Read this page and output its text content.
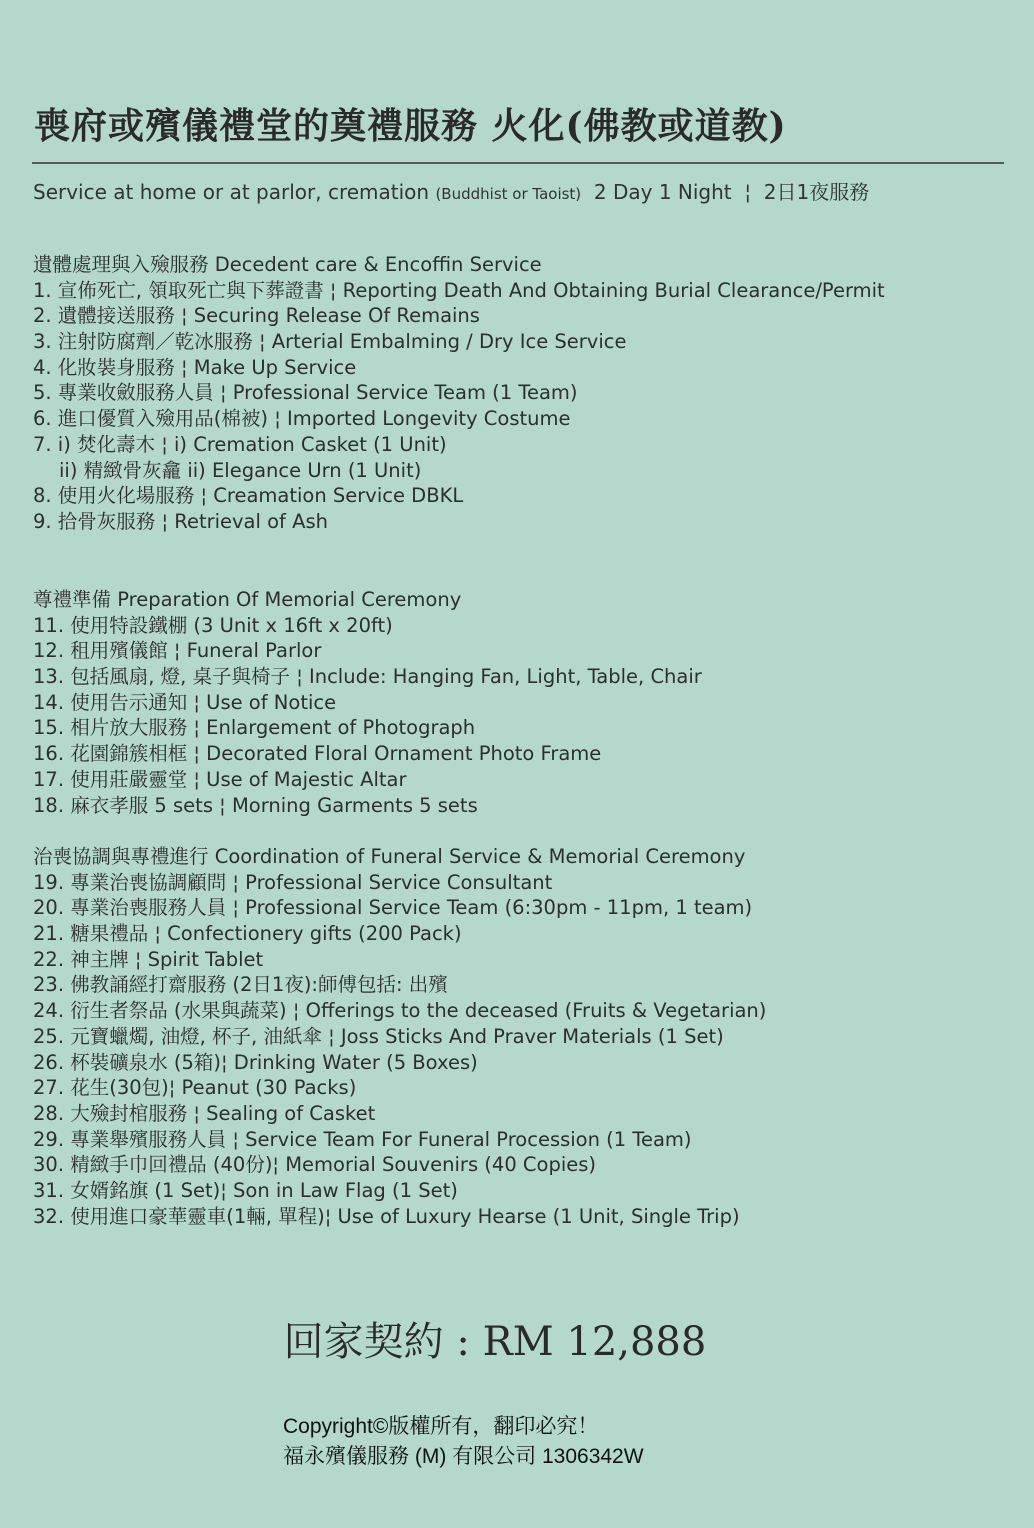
喪府或殯儀禮堂的奠禮服務 火化(佛教或道教)
Service at home or at parlor, cremation (Buddhist or Taoist)  2 Day 1 Night  ¦  2日1夜服務
遺體處理與入殮服務 Decedent care & Encoffin Service
1. 宣佈死亡, 領取死亡與下葬證書 ¦ Reporting Death And Obtaining Burial Clearance/Permit
2. 遺體接送服務 ¦ Securing Release Of Remains
3. 注射防腐劑／乾冰服務 ¦ Arterial Embalming / Dry Ice Service
4. 化妝裝身服務 ¦ Make Up Service
5. 專業收斂服務人員 ¦ Professional Service Team (1 Team)
6. 進口優質入殮用品(棉被) ¦ Imported Longevity Costume
7. i) 焚化壽木 ¦ i) Cremation Casket (1 Unit)
ii) 精緻骨灰龕 ii) Elegance Urn (1 Unit)
8. 使用火化場服務 ¦ Creamation Service DBKL
9. 拾骨灰服務 ¦ Retrieval of Ash
尊禮準備 Preparation Of Memorial Ceremony
11. 使用特設鐵棚 (3 Unit x 16ft x 20ft)
12. 租用殯儀館 ¦ Funeral Parlor
13. 包括風扇, 燈, 桌子與椅子 ¦ Include: Hanging Fan, Light, Table, Chair
14. 使用告示通知 ¦ Use of Notice
15. 相片放大服務 ¦ Enlargement of Photograph
16. 花園錦簇相框 ¦ Decorated Floral Ornament Photo Frame
17. 使用莊嚴靈堂 ¦ Use of Majestic Altar
18. 麻衣孝服 5 sets ¦ Morning Garments 5 sets
治喪協調與專禮進行 Coordination of Funeral Service & Memorial Ceremony
19. 專業治喪協調顧問 ¦ Professional Service Consultant
20. 專業治喪服務人員 ¦ Professional Service Team (6:30pm - 11pm, 1 team)
21. 糖果禮品 ¦ Confectionery gifts (200 Pack)
22. 神主牌 ¦ Spirit Tablet
23. 佛教誦經打齋服務 (2日1夜):師傅包括: 出殯
24. 衍生者祭品 (水果與蔬菜) ¦ Offerings to the deceased (Fruits & Vegetarian)
25. 元寶蠟燭, 油燈, 杯子, 油紙傘 ¦ Joss Sticks And Praver Materials (1 Set)
26. 杯裝礦泉水 (5箱)¦ Drinking Water (5 Boxes)
27. 花生(30包)¦ Peanut (30 Packs)
28. 大殮封棺服務 ¦ Sealing of Casket
29. 專業舉殯服務人員 ¦ Service Team For Funeral Procession (1 Team)
30. 精緻手巾回禮品 (40份)¦ Memorial Souvenirs (40 Copies)
31. 女婿銘旗 (1 Set)¦ Son in Law Flag (1 Set)
32. 使用進口豪華靈車(1輛, 單程)¦ Use of Luxury Hearse (1 Unit, Single Trip)
回家契約 : RM 12,888
Copyright©版權所有，翻印必究！
福永殯儀服務 (M) 有限公司 1306342W
